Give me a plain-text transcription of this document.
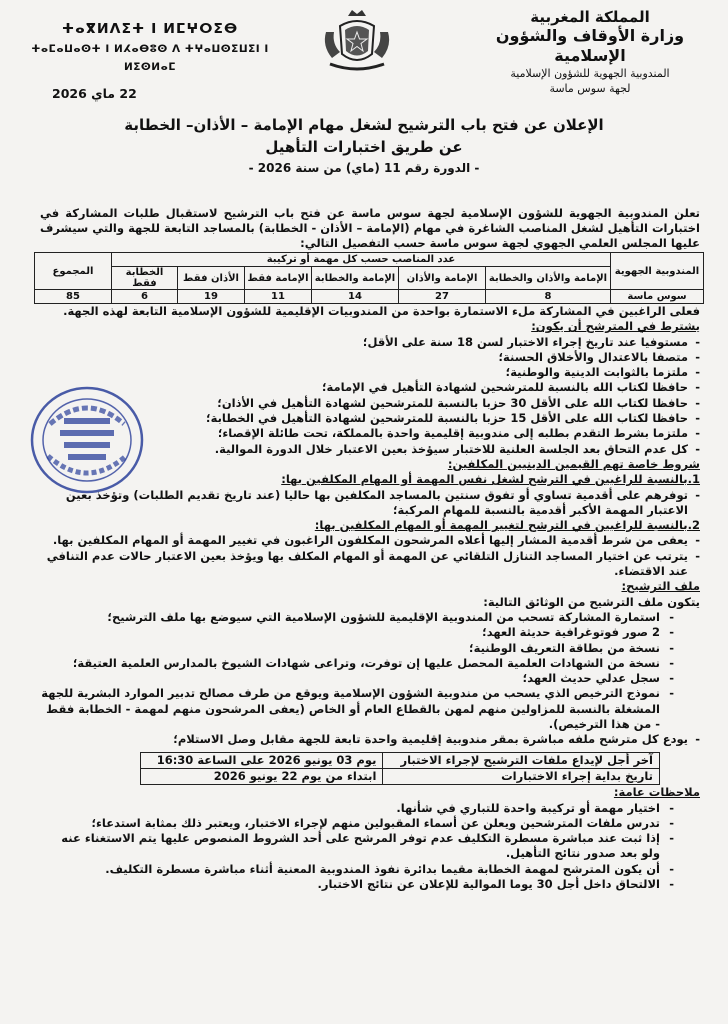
المملكة المغربية
وزارة الأوقاف والشؤون الإسلامية
المندوبية الجهوية للشؤون الإسلامية
لجهة سوس ماسة
ⵜⴰⴳⵍⴷⵉⵜ ⵏ ⵍⵎⵖⵔⵉⴱ
ⵜⴰⵎⴰⵡⴰⵙⵜ ⵏ ⵍⵃⴰⴱⵓⵙ ⴷ ⵜⵖⴰⵡⵙⵉⵡⵉⵏ ⵏ ⵍⵉⵙⵍⴰⵎ
22 ماي 2026
الإعلان عن فتح باب الترشيح لشغل مهام الإمامة – الأذان– الخطابة
عن طريق اختبارات التأهيل
- الدورة رقم 11 (ماي) من سنة 2026 -
تعلن المندوبية الجهوية للشؤون الإسلامية لجهة سوس ماسة عن فتح باب الترشيح لاستقبال طلبات المشاركة في اختبارات التأهيل لشغل المناصب الشاغرة في مهام (الإمامة – الأذان - الخطابة) بالمساجد التابعة للجهة والتي سيشرف عليها المجلس العلمي الجهوي لجهة سوس ماسة حسب التفصيل التالي:
المندوبية الجهوية	عدد المناصب حسب كل مهمة أو تركيبة						المجموع
	الإمامة والأذان والخطابة	الإمامة والأذان	الإمامة والخطابة	الإمامة فقط	الأذان فقط	الخطابة فقط	
سوس ماسة	8	27	14	11	19	6	85

فعلى الراغبين في المشاركة ملء الاستمارة بواحدة من المندوبيات الإقليمية للشؤون الإسلامية التابعة لهذه الجهة.

يشترط في المترشح أن يكون:

- مستوفيا عند تاريخ إجراء الاختبار لسن 18 سنة على الأقل؛
- متصفا بالاعتدال والأخلاق الحسنة؛
- ملتزما بالثوابت الدينية والوطنية؛
- حافظا لكتاب الله بالنسبة للمترشحين لشهادة التأهيل في الإمامة؛
- حافظا لكتاب الله على الأقل 30 حزبا بالنسبة للمترشحين لشهادة التأهيل في الأذان؛
- حافظا لكتاب الله على الأقل 15 حزبا بالنسبة للمترشحين لشهادة التأهيل في الخطابة؛
- ملتزما بشرط التقدم بطلبه إلى مندوبية إقليمية واحدة بالمملكة، تحت طائلة الإقصاء؛
- كل عدم التحاق بعد الجلسة العلنية للاختبار سيؤخذ بعين الاعتبار خلال الدورة الموالية.

شروط خاصة تهم القيمين الدينيين المكلفين:

1.بالنسبة للراغبين في الترشح لشغل نفس المهمة أو المهام المكلفين بها:

- توفرهم على أقدمية تساوي أو تفوق سنتين بالمساجد المكلفين بها حاليا (عند تاريخ تقديم الطلبات) وتؤخذ بعين الاعتبار المهمة الأكبر أقدمية بالنسبة للمهام المركبة؛

2.بالنسبة للراغبين في الترشح لتغيير المهمة أو المهام المكلفين بها:

- يعفى من شرط أقدمية المشار إليها أعلاه المرشحون المكلفون الراغبون في تغيير المهمة أو المهام المكلفين بها.
- يترتب عن اختيار المساجد التنازل التلقائي عن المهمة أو المهام المكلف بها ويؤخذ بعين الاعتبار حالات عدم التنافي عند الاقتضاء.

ملف الترشيح:

يتكون ملف الترشيح من الوثائق التالية:

- استمارة المشاركة تسحب من المندوبية الإقليمية للشؤون الإسلامية التي سيوضع بها ملف الترشيح؛
- 2 صور فوتوغرافية حديثة العهد؛
- نسخة من بطاقة التعريف الوطنية؛
- نسخة من الشهادات العلمية المحصل عليها إن توفرت، وتراعى شهادات الشيوخ بالمدارس العلمية العتيقة؛
- سجل عدلي حديث العهد؛
- نموذج الترخيص الذي يسحب من مندوبية الشؤون الإسلامية ويوقع من طرف مصالح تدبير الموارد البشرية للجهة المشغلة بالنسبة للمزاولين منهم لمهن بالقطاع العام أو الخاص (يعفى المرشحون منهم لمهمة - الخطابة فقط - من هذا الترخيص).
- يودع كل مترشح ملفه مباشرة بمقر مندوبية إقليمية واحدة تابعة للجهة مقابل وصل الاستلام؛
آخر أجل لإيداع ملفات الترشيح لإجراء الاختبار	يوم 03 يونيو 2026 على الساعة 16:30
تاريخ بداية إجراء الاختبارات	ابتداء من يوم 22 يونيو 2026

ملاحظات عامة:

- اختيار مهمة أو تركيبة واحدة للتباري في شأنها.
- تدرس ملفات المترشحين ويعلن عن أسماء المقبولين منهم لإجراء الاختبار، ويعتبر ذلك بمثابة استدعاء؛
- إذا ثبت عند مباشرة مسطرة التكليف عدم توفر المرشح على أحد الشروط المنصوص عليها يتم الاستغناء عنه ولو بعد صدور نتائج التأهيل.
- أن يكون المترشح لمهمة الخطابة مقيما بدائرة نفوذ المندوبية المعنية أثناء مباشرة مسطرة التكليف.
- الالتحاق داخل أجل 30 يوما الموالية للإعلان عن نتائج الاختبار.
